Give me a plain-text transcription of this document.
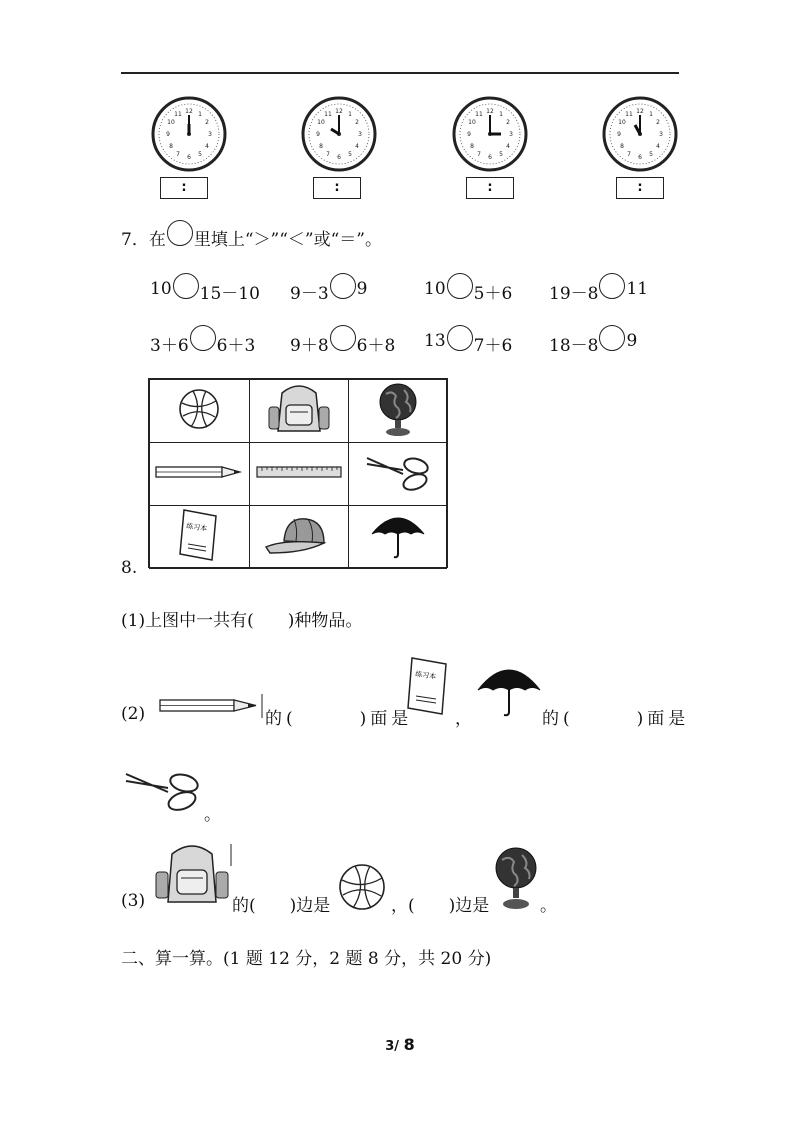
:	:	:	:
7．在 里填上“＞”“＜”或“＝”。
10 15－10 9－3 9	10 5＋6 19－8 11
3＋6 6＋3 9＋8 6＋8 13 7＋6 18－8 9

练习本

8.
(1)上图中一共有(　　)种物品。
(2)	的(　　　)面是
练习本
，	的(　　　)面是
。
(3)	的(　　)边是	，(　　)边是	。
二、算一算。(1 题 12 分，2 题 8 分，共 20 分)
3/ 8
